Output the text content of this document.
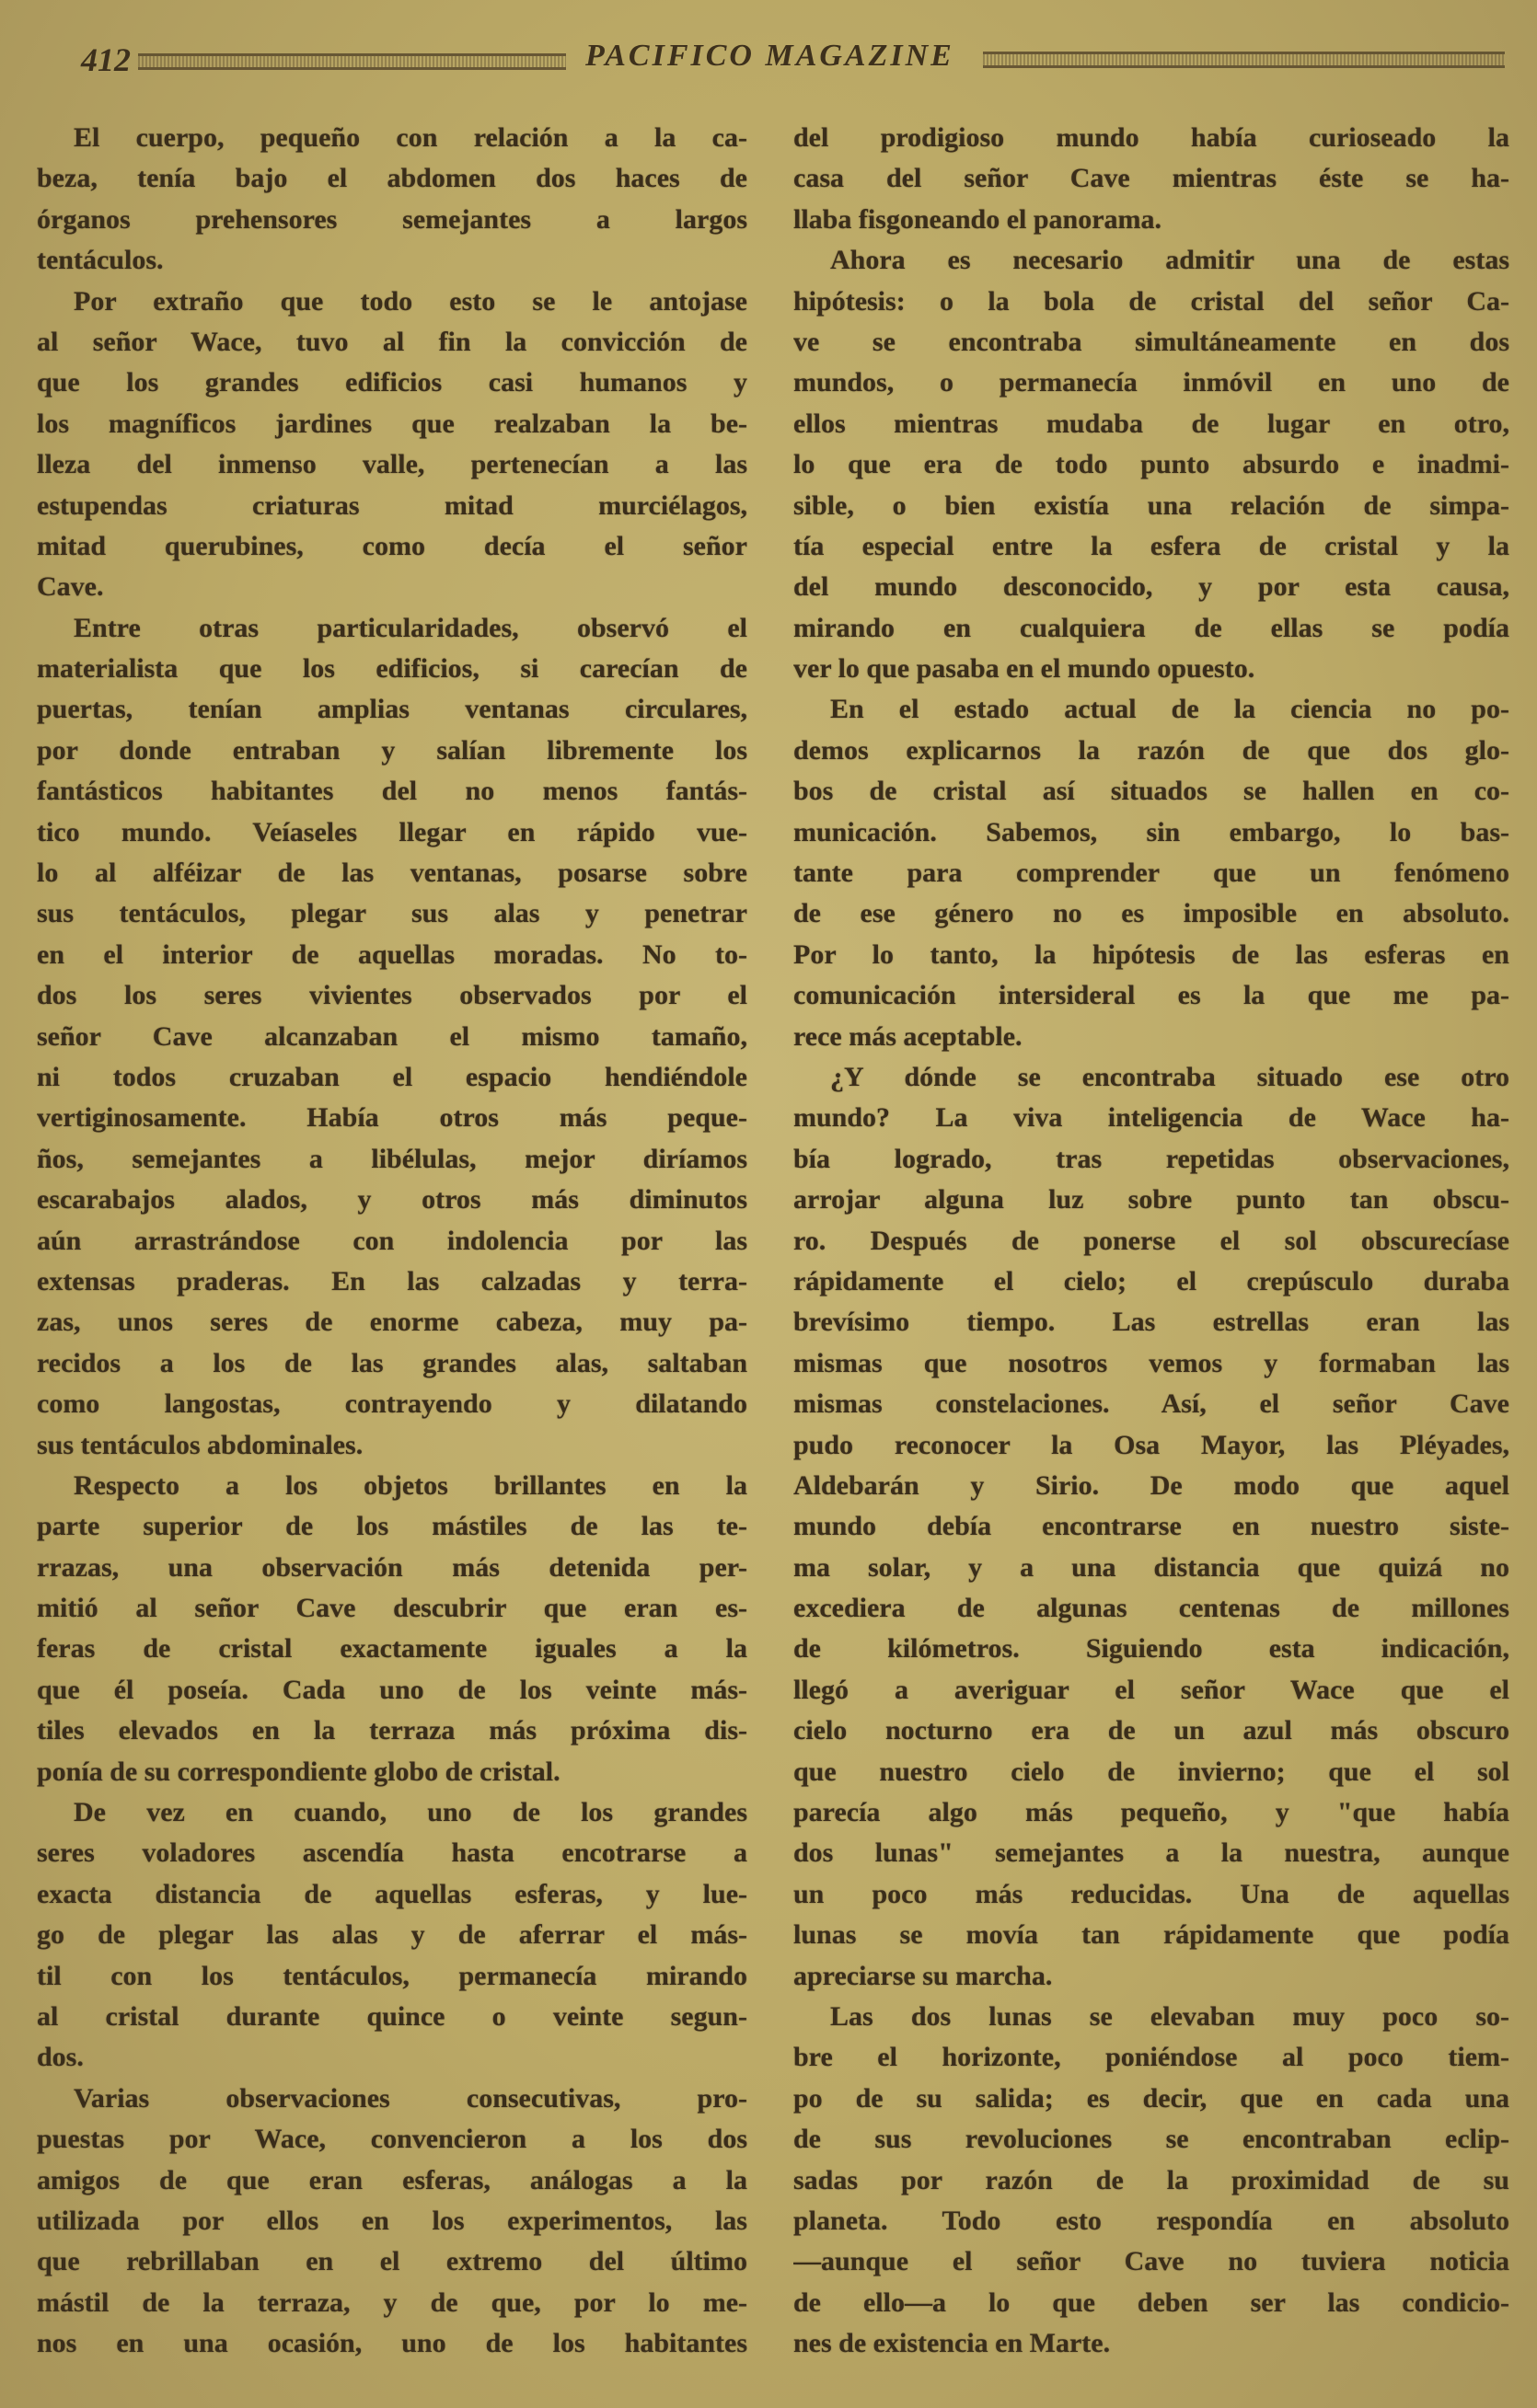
412	PACIFICO MAGAZINE
El cuerpo, pequeño con relación a la ca-
beza, tenía bajo el abdomen dos haces de
órganos prehensores semejantes a largos
tentáculos.
Por extraño que todo esto se le antojase
al señor Wace, tuvo al fin la convicción de
que los grandes edificios casi humanos y
los magníficos jardines que realzaban la be-
lleza del inmenso valle, pertenecían a las
estupendas criaturas mitad murciélagos,
mitad querubines, como decía el señor
Cave.
Entre otras particularidades, observó el
materialista que los edificios, si carecían de
puertas, tenían amplias ventanas circulares,
por donde entraban y salían libremente los
fantásticos habitantes del no menos fantás-
tico mundo. Veíaseles llegar en rápido vue-
lo al alféizar de las ventanas, posarse sobre
sus tentáculos, plegar sus alas y penetrar
en el interior de aquellas moradas. No to-
dos los seres vivientes observados por el
señor Cave alcanzaban el mismo tamaño,
ni todos cruzaban el espacio hendiéndole
vertiginosamente. Había otros más peque-
ños, semejantes a libélulas, mejor diríamos
escarabajos alados, y otros más diminutos
aún arrastrándose con indolencia por las
extensas praderas. En las calzadas y terra-
zas, unos seres de enorme cabeza, muy pa-
recidos a los de las grandes alas, saltaban
como langostas, contrayendo y dilatando
sus tentáculos abdominales.
Respecto a los objetos brillantes en la
parte superior de los mástiles de las te-
rrazas, una observación más detenida per-
mitió al señor Cave descubrir que eran es-
feras de cristal exactamente iguales a la
que él poseía. Cada uno de los veinte más-
tiles elevados en la terraza más próxima dis-
ponía de su correspondiente globo de cristal.
De vez en cuando, uno de los grandes
seres voladores ascendía hasta encotrarse a
exacta distancia de aquellas esferas, y lue-
go de plegar las alas y de aferrar el más-
til con los tentáculos, permanecía mirando
al cristal durante quince o veinte segun-
dos.
Varias observaciones consecutivas, pro-
puestas por Wace, convencieron a los dos
amigos de que eran esferas, análogas a la
utilizada por ellos en los experimentos, las
que rebrillaban en el extremo del último
mástil de la terraza, y de que, por lo me-
nos en una ocasión, uno de los habitantes
del prodigioso mundo había curioseado la
casa del señor Cave mientras éste se ha-
llaba fisgoneando el panorama.
Ahora es necesario admitir una de estas
hipótesis: o la bola de cristal del señor Ca-
ve se encontraba simultáneamente en dos
mundos, o permanecía inmóvil en uno de
ellos mientras mudaba de lugar en otro,
lo que era de todo punto absurdo e inadmi-
sible, o bien existía una relación de simpa-
tía especial entre la esfera de cristal y la
del mundo desconocido, y por esta causa,
mirando en cualquiera de ellas se podía
ver lo que pasaba en el mundo opuesto.
En el estado actual de la ciencia no po-
demos explicarnos la razón de que dos glo-
bos de cristal así situados se hallen en co-
municación. Sabemos, sin embargo, lo bas-
tante para comprender que un fenómeno
de ese género no es imposible en absoluto.
Por lo tanto, la hipótesis de las esferas en
comunicación intersideral es la que me pa-
rece más aceptable.
¿Y dónde se encontraba situado ese otro
mundo? La viva inteligencia de Wace ha-
bía logrado, tras repetidas observaciones,
arrojar alguna luz sobre punto tan obscu-
ro. Después de ponerse el sol obscurecíase
rápidamente el cielo; el crepúsculo duraba
brevísimo tiempo. Las estrellas eran las
mismas que nosotros vemos y formaban las
mismas constelaciones. Así, el señor Cave
pudo reconocer la Osa Mayor, las Pléyades,
Aldebarán y Sirio. De modo que aquel
mundo debía encontrarse en nuestro siste-
ma solar, y a una distancia que quizá no
excediera de algunas centenas de millones
de kilómetros. Siguiendo esta indicación,
llegó a averiguar el señor Wace que el
cielo nocturno era de un azul más obscuro
que nuestro cielo de invierno; que el sol
parecía algo más pequeño, y "que había
dos lunas" semejantes a la nuestra, aunque
un poco más reducidas. Una de aquellas
lunas se movía tan rápidamente que podía
apreciarse su marcha.
Las dos lunas se elevaban muy poco so-
bre el horizonte, poniéndose al poco tiem-
po de su salida; es decir, que en cada una
de sus revoluciones se encontraban eclip-
sadas por razón de la proximidad de su
planeta. Todo esto respondía en absoluto
—aunque el señor Cave no tuviera noticia
de ello—a lo que deben ser las condicio-
nes de existencia en Marte.
